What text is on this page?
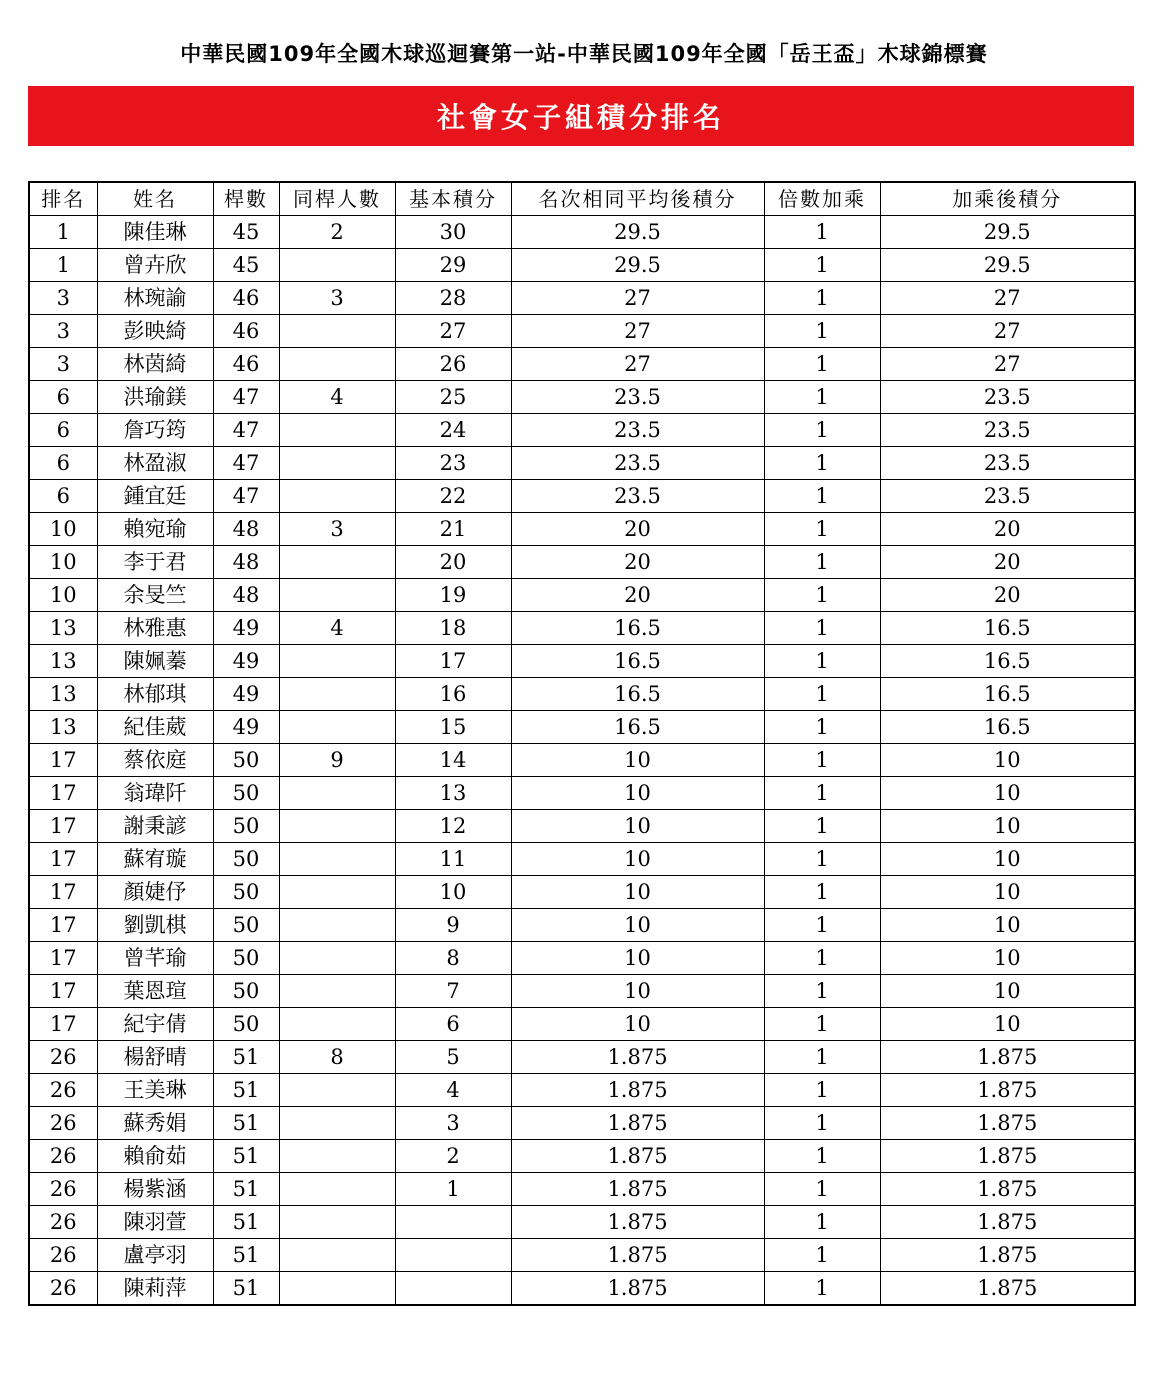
中華民國109年全國木球巡迴賽第一站-中華民國109年全國「岳王盃」木球錦標賽
社會女子組積分排名
排名	姓名	桿數	同桿人數	基本積分	名次相同平均後積分	倍數加乘	加乘後積分
1	陳佳琳	45	2	30	29.5	1	29.5
1	曾卉欣	45		29	29.5	1	29.5
3	林琬諭	46	3	28	27	1	27
3	彭映綺	46		27	27	1	27
3	林茵綺	46		26	27	1	27
6	洪瑜鎂	47	4	25	23.5	1	23.5
6	詹巧筠	47		24	23.5	1	23.5
6	林盈淑	47		23	23.5	1	23.5
6	鍾宜廷	47		22	23.5	1	23.5
10	賴宛瑜	48	3	21	20	1	20
10	李于君	48		20	20	1	20
10	余旻竺	48		19	20	1	20
13	林雅惠	49	4	18	16.5	1	16.5
13	陳姵蓁	49		17	16.5	1	16.5
13	林郁琪	49		16	16.5	1	16.5
13	紀佳葳	49		15	16.5	1	16.5
17	蔡依庭	50	9	14	10	1	10
17	翁瑋阡	50		13	10	1	10
17	謝秉諺	50		12	10	1	10
17	蘇宥璇	50		11	10	1	10
17	顏婕伃	50		10	10	1	10
17	劉凱棋	50		9	10	1	10
17	曾芊瑜	50		8	10	1	10
17	葉恩瑄	50		7	10	1	10
17	紀宇倩	50		6	10	1	10
26	楊舒晴	51	8	5	1.875	1	1.875
26	王美琳	51		4	1.875	1	1.875
26	蘇秀娟	51		3	1.875	1	1.875
26	賴俞茹	51		2	1.875	1	1.875
26	楊紫涵	51		1	1.875	1	1.875
26	陳羽萱	51			1.875	1	1.875
26	盧亭羽	51			1.875	1	1.875
26	陳莉萍	51			1.875	1	1.875
